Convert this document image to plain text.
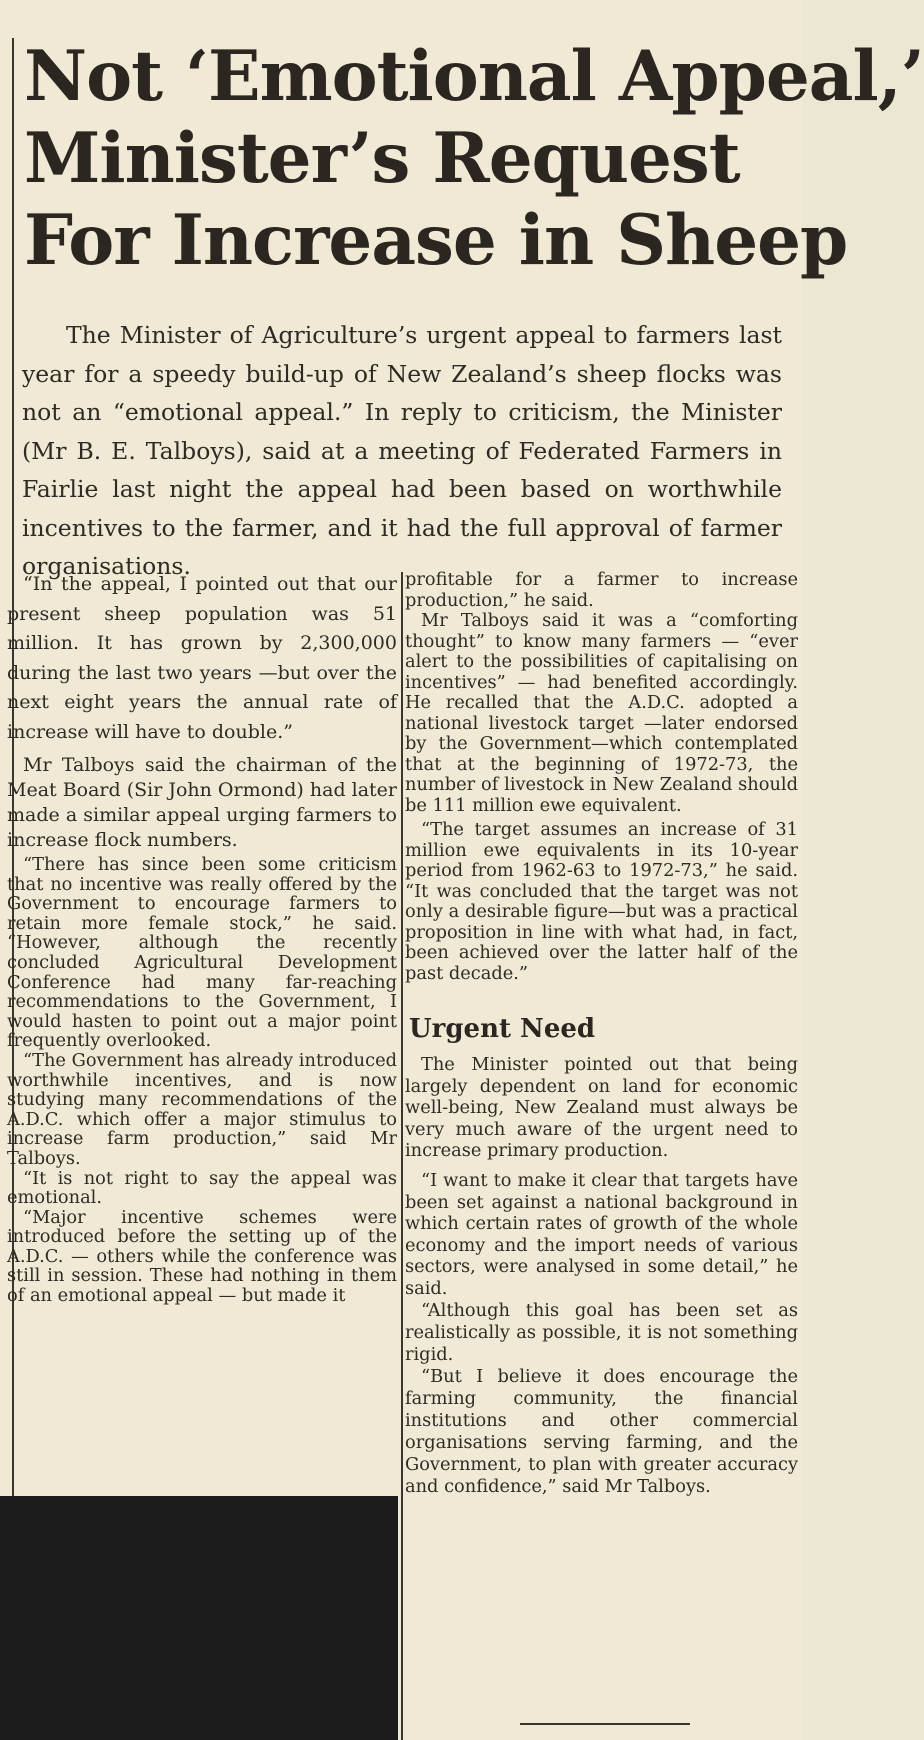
Not ‘Emotional Appeal,’
Minister’s Request
For Increase in Sheep

The Minister of Agriculture’s urgent appeal to farmers last year for a speedy build-up of New Zealand’s sheep flocks was not an “emotional appeal.” In reply to criticism, the Minister (Mr B. E. Talboys), said at a meeting of Federated Farmers in Fairlie last night the appeal had been based on worthwhile incentives to the farmer, and it had the full approval of farmer organisations.

“In the appeal, I pointed out that our present sheep population was 51 million. It has grown by 2,300,000 during the last two years —but over the next eight years the annual rate of increase will have to double.”

Mr Talboys said the chairman of the Meat Board (Sir John Ormond) had later made a similar appeal urging farmers to increase flock numbers.

“There has since been some criticism that no incentive was really offered by the Government to encourage farmers to retain more female stock,” he said. “However, although the recently concluded Agricultural Development Conference had many far-reaching recommendations to the Government, I would hasten to point out a major point frequently overlooked.

“The Government has already introduced worthwhile incentives, and is now studying many recommendations of the A.D.C. which offer a major stimulus to increase farm production,” said Mr Talboys.

“It is not right to say the appeal was emotional.

“Major incentive schemes were introduced before the setting up of the A.D.C. — others while the conference was still in session. These had nothing in them of an emotional appeal — but made it

profitable for a farmer to increase production,” he said.

Mr Talboys said it was a “comforting thought” to know many farmers — “ever alert to the possibilities of capitalising on incentives” — had benefited accordingly. He recalled that the A.D.C. adopted a national livestock target —later endorsed by the Government—which contemplated that at the beginning of 1972-73, the number of livestock in New Zealand should be 111 million ewe equivalent.

“The target assumes an increase of 31 million ewe equivalents in its 10-year period from 1962-63 to 1972-73,” he said. “It was concluded that the target was not only a desirable figure—but was a practical proposition in line with what had, in fact, been achieved over the latter half of the past decade.”

Urgent Need

The Minister pointed out that being largely dependent on land for economic well-being, New Zealand must always be very much aware of the urgent need to increase primary production.

“I want to make it clear that targets have been set against a national background in which certain rates of growth of the whole economy and the import needs of various sectors, were analysed in some detail,” he said.

“Although this goal has been set as realistically as possible, it is not something rigid.

“But I believe it does encourage the farming community, the financial institutions and other commercial organisations serving farming, and the Government, to plan with greater accuracy and confidence,” said Mr Talboys.
